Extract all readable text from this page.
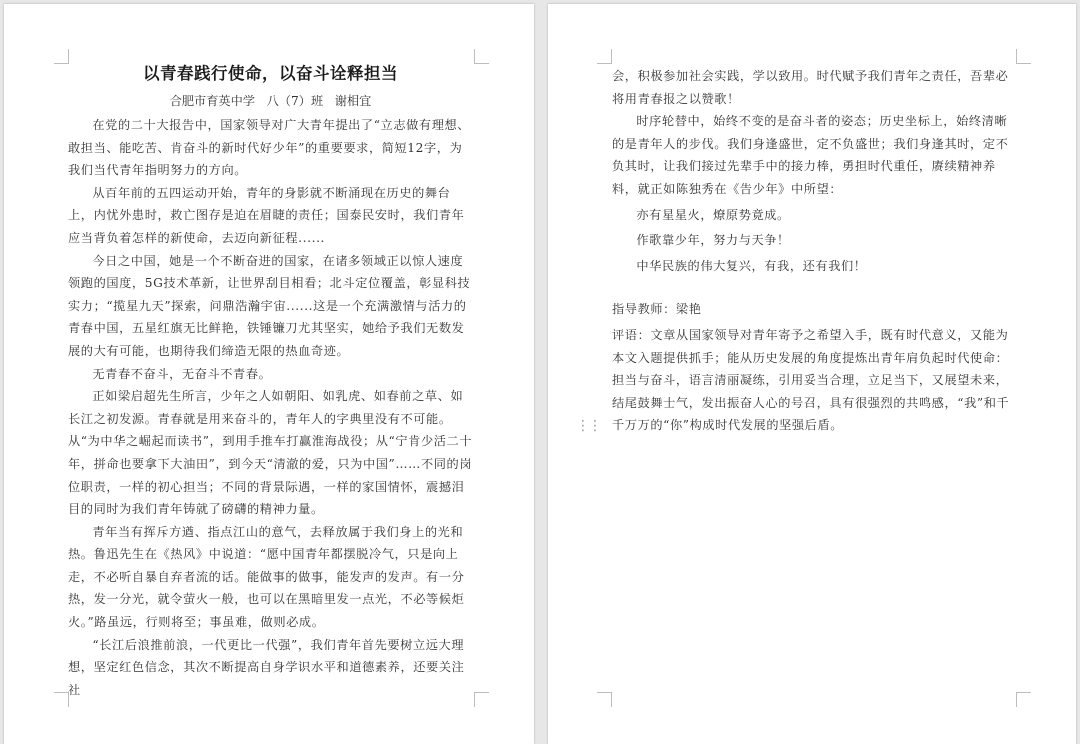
以青春践行使命，以奋斗诠释担当
合肥市育英中学   八（7）班   谢相宜

在党的二十大报告中，国家领导对广大青年提出了“立志做有理想、敢担当、能吃苦、肯奋斗的新时代好少年”的重要要求，简短12字，为我们当代青年指明努力的方向。

从百年前的五四运动开始，青年的身影就不断涌现在历史的舞台上，内忧外患时，救亡图存是迫在眉睫的责任；国泰民安时，我们青年应当背负着怎样的新使命，去迈向新征程......

今日之中国，她是一个不断奋进的国家，在诸多领域正以惊人速度领跑的国度，5G技术革新，让世界刮目相看；北斗定位覆盖，彰显科技实力；“揽星九天”探索，问鼎浩瀚宇宙......这是一个充满激情与活力的青春中国，五星红旗无比鲜艳，铁锤镰刀尤其坚实，她给予我们无数发展的大有可能，也期待我们缔造无限的热血奇迹。

无青春不奋斗，无奋斗不青春。

正如梁启超先生所言，少年之人如朝阳、如乳虎、如春前之草、如长江之初发源。青春就是用来奋斗的，青年人的字典里没有不可能。从“为中华之崛起而读书”，到用手推车打赢淮海战役；从“宁肯少活二十年，拼命也要拿下大油田”，到今天“清澈的爱，只为中国”……不同的岗位职责，一样的初心担当；不同的背景际遇，一样的家国情怀，震撼泪目的同时为我们青年铸就了磅礴的精神力量。

青年当有挥斥方遒、指点江山的意气，去释放属于我们身上的光和热。鲁迅先生在《热风》中说道：“愿中国青年都摆脱冷气，只是向上走，不必听自暴自弃者流的话。能做事的做事，能发声的发声。有一分热，发一分光，就令萤火一般，也可以在黑暗里发一点光，不必等候炬火。”路虽远，行则将至；事虽难，做则必成。

“长江后浪推前浪，一代更比一代强”，我们青年首先要树立远大理想，坚定红色信念，其次不断提高自身学识水平和道德素养，还要关注社

会，积极参加社会实践，学以致用。时代赋予我们青年之责任，吾辈必将用青春报之以赞歌！

时序轮替中，始终不变的是奋斗者的姿态；历史坐标上，始终清晰的是青年人的步伐。我们身逢盛世，定不负盛世；我们身逢其时，定不负其时，让我们接过先辈手中的接力棒，勇担时代重任，赓续精神养料，就正如陈独秀在《告少年》中所望：

亦有星星火，燎原势竟成。

作歌靠少年，努力与天争！

中华民族的伟大复兴，有我，还有我们！

指导教师：梁艳

评语：文章从国家领导对青年寄予之希望入手，既有时代意义，又能为本文入题提供抓手；能从历史发展的角度提炼出青年肩负起时代使命：担当与奋斗，语言清丽凝练，引用妥当合理，立足当下，又展望未来，结尾鼓舞士气，发出振奋人心的号召，具有很强烈的共鸣感，“我”和千千万万的“你”构成时代发展的坚强后盾。

⋮⋮
